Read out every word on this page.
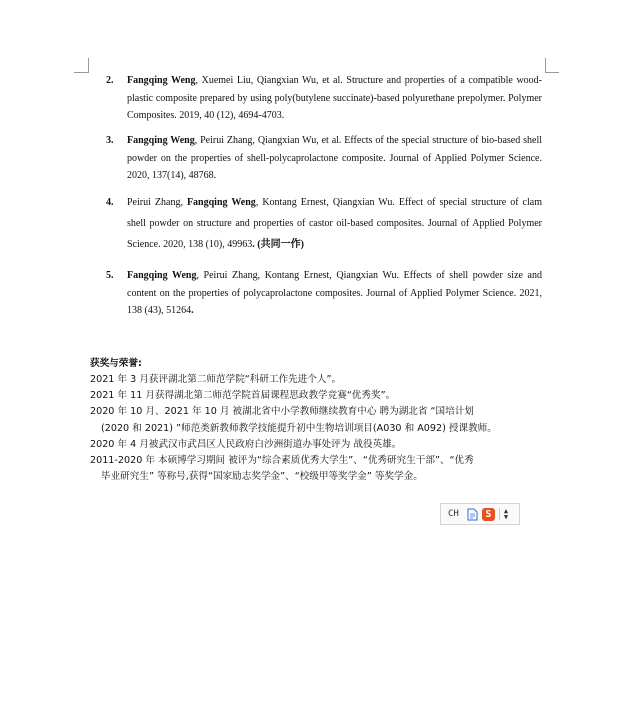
2. Fangqing Weng, Xuemei Liu, Qiangxian Wu, et al. Structure and properties of a compatible wood-plastic composite prepared by using poly(butylene succinate)-based polyurethane prepolymer. Polymer Composites. 2019, 40 (12), 4694-4703.
3. Fangqing Weng, Peirui Zhang, Qiangxian Wu, et al. Effects of the special structure of bio-based shell powder on the properties of shell-polycaprolactone composite. Journal of Applied Polymer Science. 2020, 137(14), 48768.
4. Peirui Zhang, Fangqing Weng, Kontang Ernest, Qiangxian Wu. Effect of special structure of clam shell powder on structure and properties of castor oil-based composites. Journal of Applied Polymer Science. 2020, 138 (10), 49963. (共同一作)
5. Fangqing Weng, Peirui Zhang, Kontang Ernest, Qiangxian Wu. Effects of shell powder size and content on the properties of polycaprolactone composites. Journal of Applied Polymer Science. 2021, 138 (43), 51264.
获奖与荣誉:
2021 年 3 月获评湖北第二师范学院“科研工作先进个人”。
2021 年 11 月获得湖北第二师范学院首届课程思政教学竞赛“优秀奖”。
2020 年 10 月、2021 年 10 月 被湖北省中小学教师继续教育中心 聘为湖北省 “国培计划
(2020 和 2021) ”师范类新教师教学技能提升初中生物培训项目(A030 和 A092) 授课教师。
2020 年 4 月被武汉市武昌区人民政府白沙洲街道办事处评为 战役英雄。
2011-2020 年 本硕博学习期间 被评为“综合素质优秀大学生”、“优秀研究生干部”、“优秀
毕业研究生” 等称号,获得“国家励志奖学金”、“校级甲等奖学金” 等奖学金。
CH	S	▲
▼
